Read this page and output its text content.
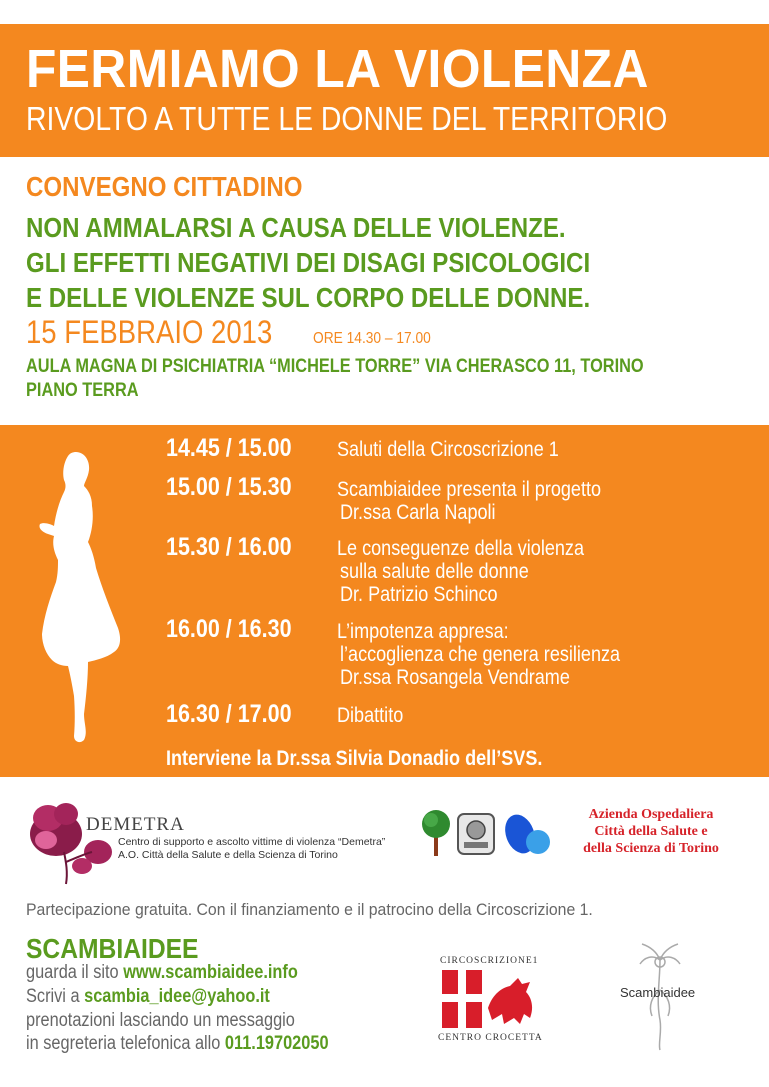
FERMIAMO LA VIOLENZA
RIVOLTO A TUTTE LE DONNE DEL TERRITORIO
CONVEGNO CITTADINO
NON AMMALARSI A CAUSA DELLE VIOLENZE.
GLI EFFETTI NEGATIVI DEI DISAGI PSICOLOGICI
E DELLE VIOLENZE SUL CORPO DELLE DONNE.
15 FEBBRAIO 2013	ORE 14.30 – 17.00
AULA MAGNA DI PSICHIATRIA “MICHELE TORRE” VIA CHERASCO 11, TORINO
PIANO TERRA
14.45 / 15.00 Saluti della Circoscrizione 1
15.00 / 15.30 Scambiaidee presenta il progetto
Dr.ssa Carla Napoli
15.30 / 16.00 Le conseguenze della violenza
sulla salute delle donne
Dr. Patrizio Schinco
16.00 / 16.30 L’impotenza appresa:
l’accoglienza che genera resilienza
Dr.ssa Rosangela Vendrame
16.30 / 17.00 Dibattito
Interviene la Dr.ssa Silvia Donadio dell’SVS.
DEMETRA
Centro di supporto e ascolto vittime di violenza “Demetra”
A.O. Città della Salute e della Scienza di Torino
Azienda Ospedaliera
Città della Salute e
della Scienza di Torino
Partecipazione gratuita. Con il finanziamento e il patrocino della Circoscrizione 1.
SCAMBIAIDEE
guarda il sito www.scambiaidee.info
Scrivi a scambia_idee@yahoo.it
prenotazioni lasciando un messaggio
in segreteria telefonica allo 011.19702050
CIRCOSCRIZIONE1
CENTRO CROCETTA
Scambiaidee
